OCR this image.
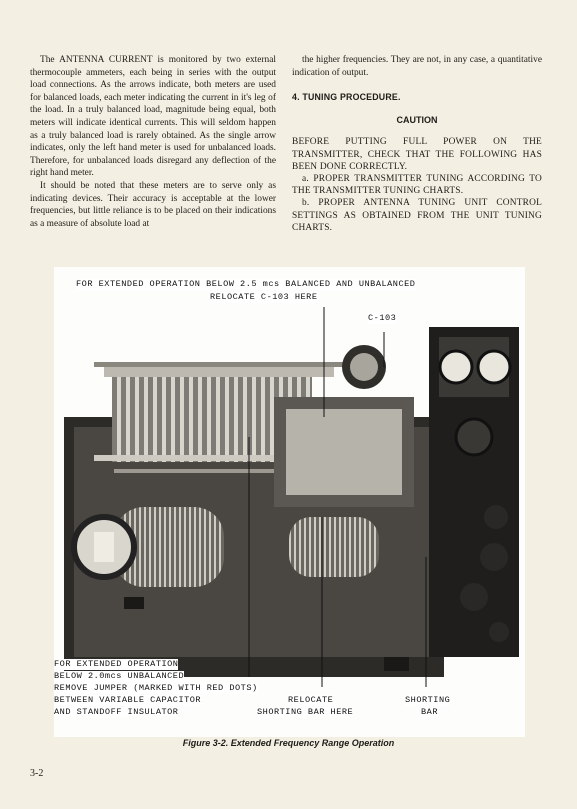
The ANTENNA CURRENT is monitored by two external thermocouple ammeters, each being in series with the output load connections. As the arrows indicate, both meters are used for balanced loads, each meter indicating the current in it's leg of the load. In a truly balanced load, magnitude being equal, both meters will indicate identical currents. This will seldom happen as a truly balanced load is rarely obtained. As the single arrow indicates, only the left hand meter is used for unbalanced loads. Therefore, for unbalanced loads disregard any deflection of the right hand meter.

It should be noted that these meters are to serve only as indicating devices. Their accuracy is acceptable at the lower frequencies, but little reliance is to be placed on their indications as a measure of absolute load at

the higher frequencies. They are not, in any case, a quantitative indication of output.

4. TUNING PROCEDURE.

CAUTION

BEFORE PUTTING FULL POWER ON THE TRANSMITTER, CHECK THAT THE FOLLOWING HAS BEEN DONE CORRECTLY.

a. PROPER TRANSMITTER TUNING ACCORDING TO THE TRANSMITTER TUNING CHARTS.

b. PROPER ANTENNA TUNING UNIT CONTROL SETTINGS AS OBTAINED FROM THE UNIT TUNING CHARTS.

FOR EXTENDED OPERATION BELOW 2.5 mcs BALANCED AND UNBALANCED
RELOCATE C-103 HERE
C-103
FOR EXTENDED OPERATION
BELOW 2.0mcs UNBALANCED
REMOVE JUMPER (MARKED WITH RED DOTS)
BETWEEN VARIABLE CAPACITOR
AND STANDOFF INSULATOR
RELOCATE
SHORTING BAR HERE
SHORTING
BAR
Figure 3-2. Extended Frequency Range Operation
3-2
